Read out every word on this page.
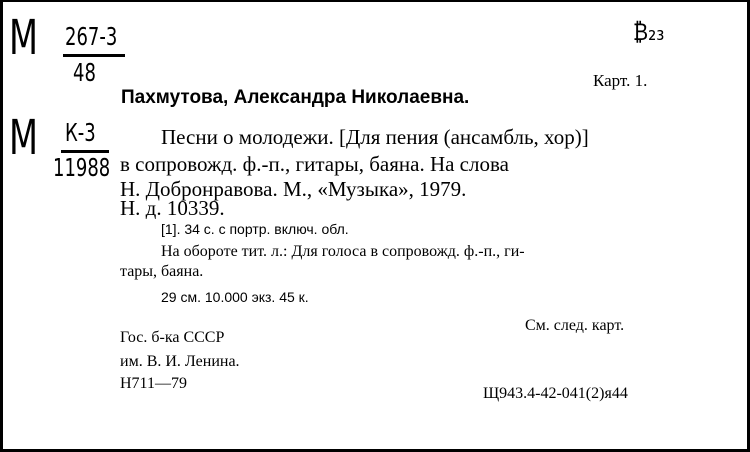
М 267-3
48
М К-3
11988
₿₂₃
Карт. 1.
Пахмутова, Александра Николаевна.
Песни о молодежи. [Для пения (ансамбль, хор)]
в сопровожд. ф.-п., гитары, баяна. На слова
Н. Добронравова. М., «Музыка», 1979.
Н. д. 10339.
[1]. 34 с. с портр. включ. обл.
На обороте тит. л.: Для голоса в сопровожд. ф.-п., ги-
тары, баяна.
29 см. 10.000 экз. 45 к.
См. след. карт.
Гос. б-ка СССР
им. В. И. Ленина.
Н711—79
Щ943.4-42-041(2)я44
